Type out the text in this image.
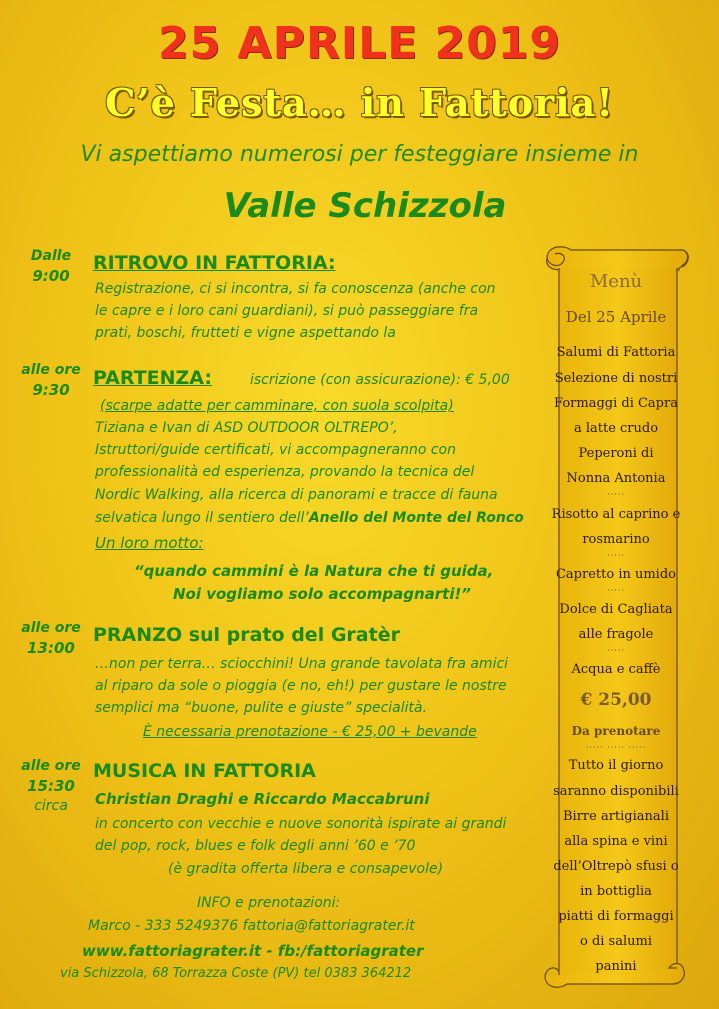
25 APRILE 2019
C’è Festa… in Fattoria!
Vi aspettiamo numerosi per festeggiare insieme in
Valle Schizzola
Dalle
9:00
RITROVO IN FATTORIA:
Registrazione, ci si incontra, si fa conoscenza (anche con
le capre e i loro cani guardiani), si può passeggiare fra
prati, boschi, frutteti e vigne aspettando la
alle ore
9:30
PARTENZA:	iscrizione (con assicurazione): € 5,00
(scarpe adatte per camminare, con suola scolpita)
Tiziana e Ivan di ASD OUTDOOR OLTREPO’,
Istruttori/guide certificati, vi accompagneranno con
professionalità ed esperienza, provando la tecnica del
Nordic Walking, alla ricerca di panorami e tracce di fauna
selvatica lungo il sentiero dell’Anello del Monte del Ronco
Un loro motto:
“quando cammini è la Natura che ti guida,
Noi vogliamo solo accompagnarti!”
alle ore
13:00
PRANZO sul prato del Gratèr
…non per terra… sciocchini! Una grande tavolata fra amici
al riparo da sole o pioggia (e no, eh!) per gustare le nostre
semplici ma “buone, pulite e giuste” specialità.
È necessaria prenotazione - € 25,00 + bevande
alle ore
15:30
circa
MUSICA IN FATTORIA
Christian Draghi e Riccardo Maccabruni
in concerto con vecchie e nuove sonorità ispirate ai grandi
del pop, rock, blues e folk degli anni ’60 e ’70
(è gradita offerta libera e consapevole)
INFO e prenotazioni:
Marco - 333 5249376 fattoria@fattoriagrater.it
www.fattoriagrater.it - fb:/fattoriagrater
via Schizzola, 68 Torrazza Coste (PV) tel 0383 364212
Menù
Del 25 Aprile
Salumi di Fattoria
Selezione di nostri
Formaggi di Capra
a latte crudo
Peperoni di
Nonna Antonia
·····
Risotto al caprino e
rosmarino
·····
Capretto in umido
·····
Dolce di Cagliata
alle fragole
·····
Acqua e caffè
€ 25,00
Da prenotare
····· ····· ·····
Tutto il giorno
saranno disponibili
Birre artigianali
alla spina e vini
dell’Oltrepò sfusi o
in bottiglia
piatti di formaggi
o di salumi
panini
